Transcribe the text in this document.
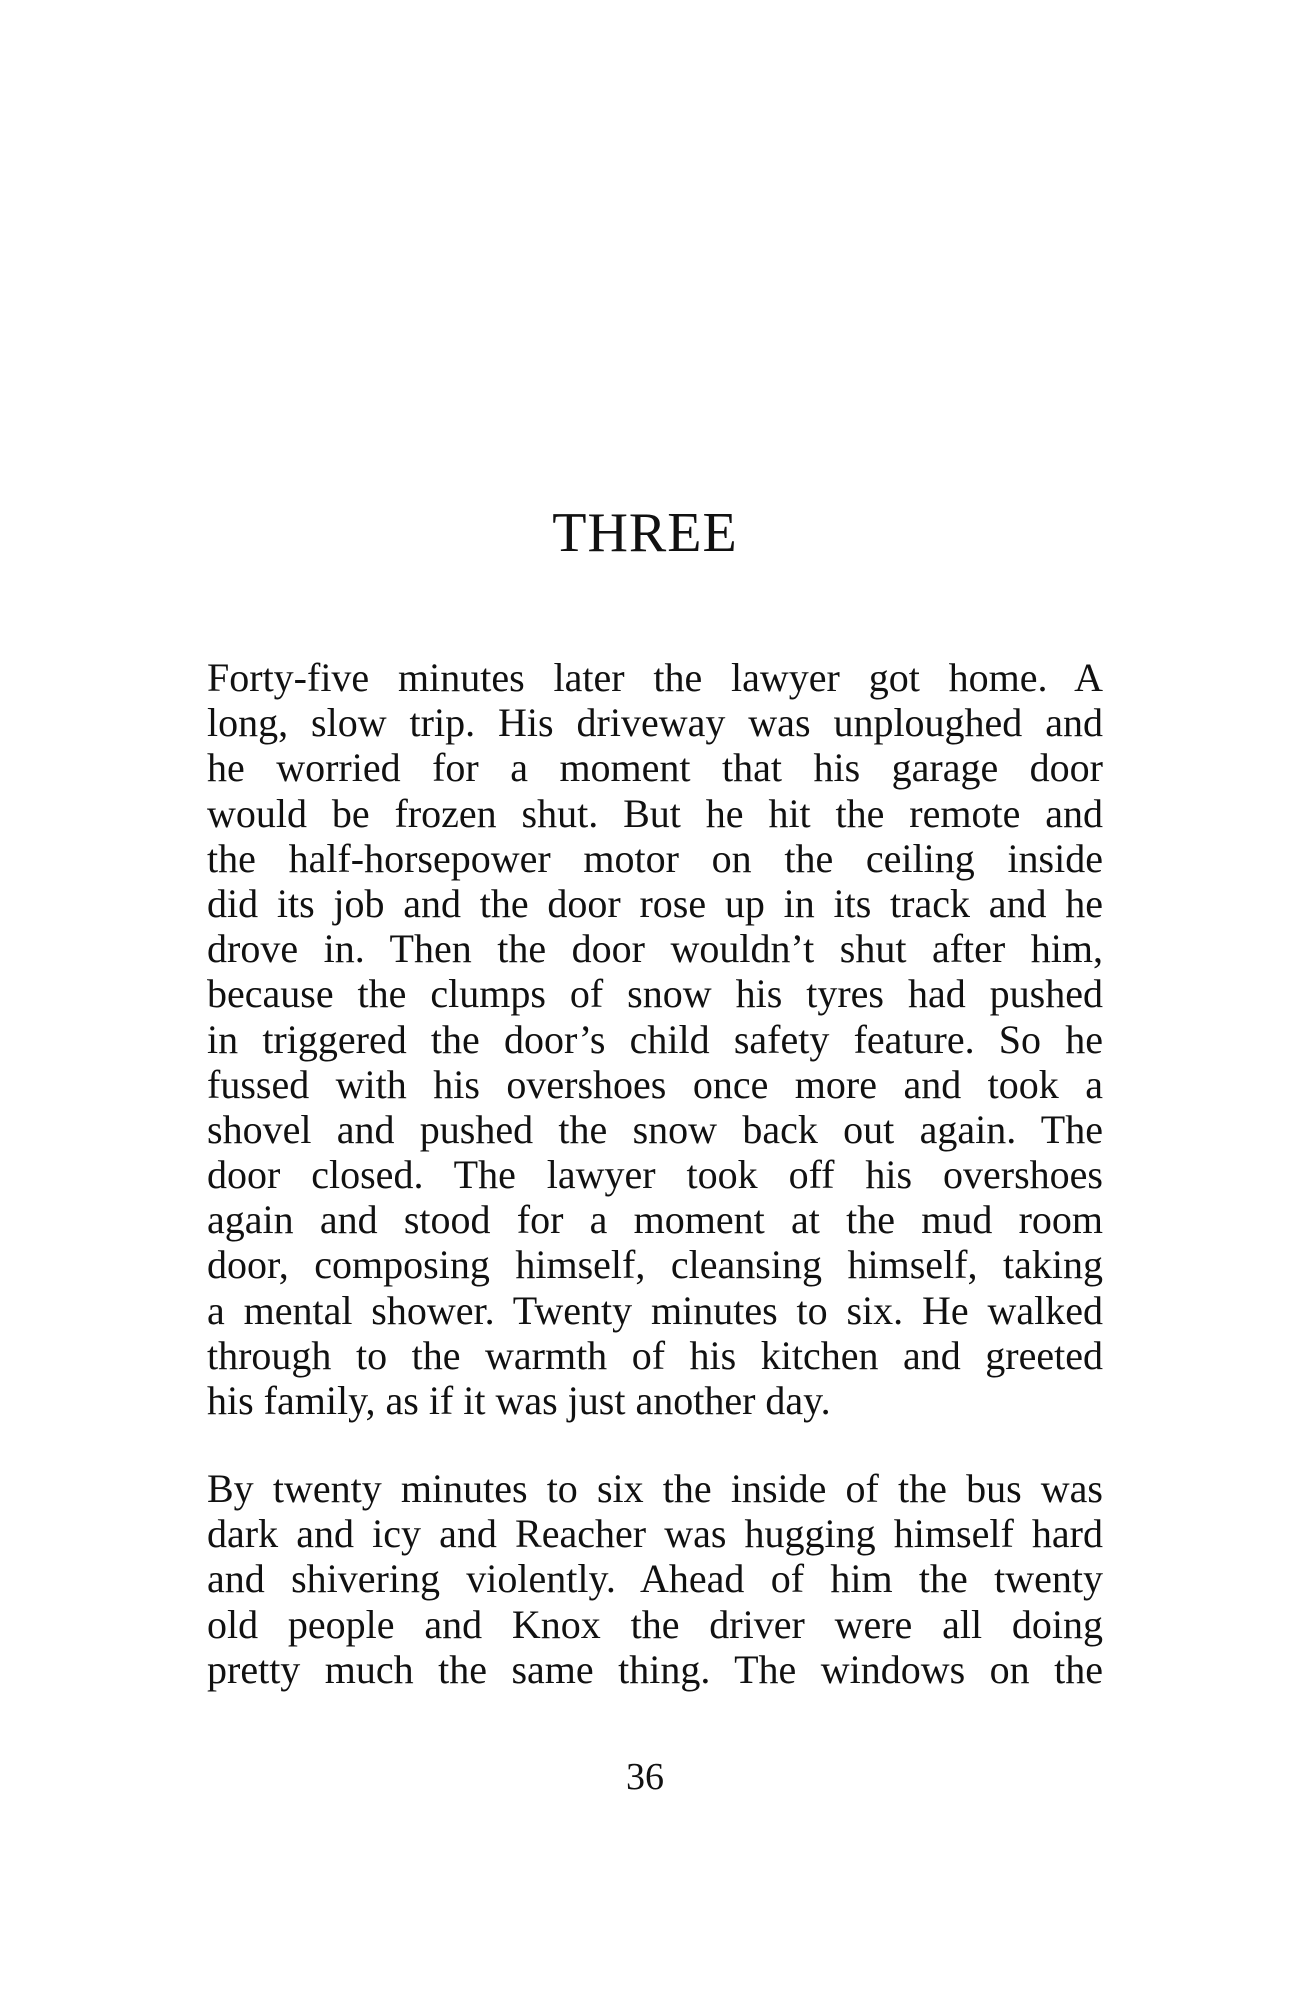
THREE
Forty-five minutes later the lawyer got home. A
long, slow trip. His driveway was unploughed and
he worried for a moment that his garage door
would be frozen shut. But he hit the remote and
the half-horsepower motor on the ceiling inside
did its job and the door rose up in its track and he
drove in. Then the door wouldn’t shut after him,
because the clumps of snow his tyres had pushed
in triggered the door’s child safety feature. So he
fussed with his overshoes once more and took a
shovel and pushed the snow back out again. The
door closed. The lawyer took off his overshoes
again and stood for a moment at the mud room
door, composing himself, cleansing himself, taking
a mental shower. Twenty minutes to six. He walked
through to the warmth of his kitchen and greeted
his family, as if it was just another day.
By twenty minutes to six the inside of the bus was
dark and icy and Reacher was hugging himself hard
and shivering violently. Ahead of him the twenty
old people and Knox the driver were all doing
pretty much the same thing. The windows on the

36
